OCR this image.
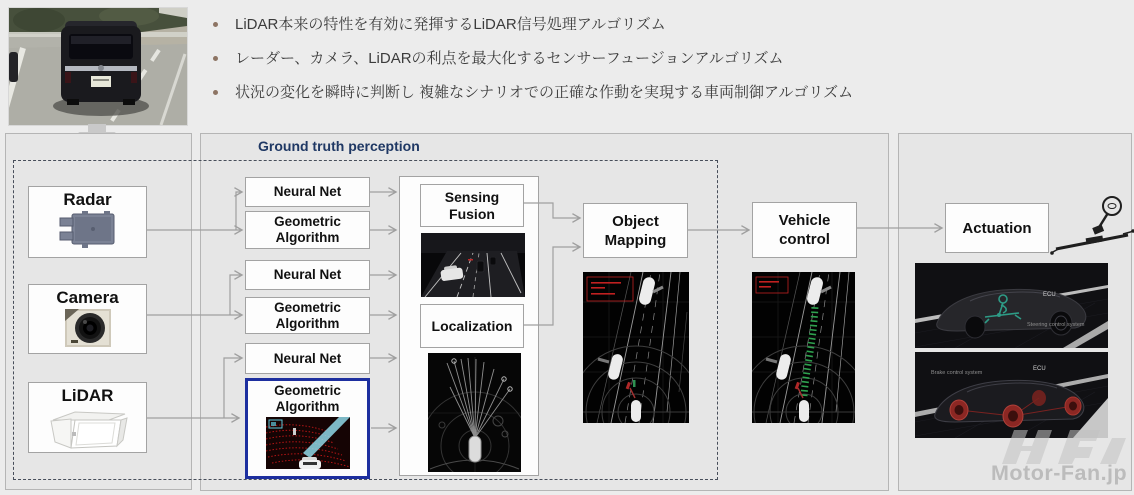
LiDAR本来の特性を有効に発揮するLiDAR信号処理アルゴリズム
レーダー、カメラ、LiDARの利点を最大化するセンサーフュージョンアルゴリズム
状況の変化を瞬時に判断し 複雑なシナリオでの正確な作動を実現する車両制御アルゴリズム
Ground truth perception
Radar
Camera
LiDAR
Neural Net
Geometric Algorithm
Neural Net
Geometric Algorithm
Neural Net
Geometric Algorithm
Sensing Fusion
Localization
Object Mapping
Vehicle control
Actuation
ECU
Steering control system
ECU
Brake control system
Motor-Fan.jp
